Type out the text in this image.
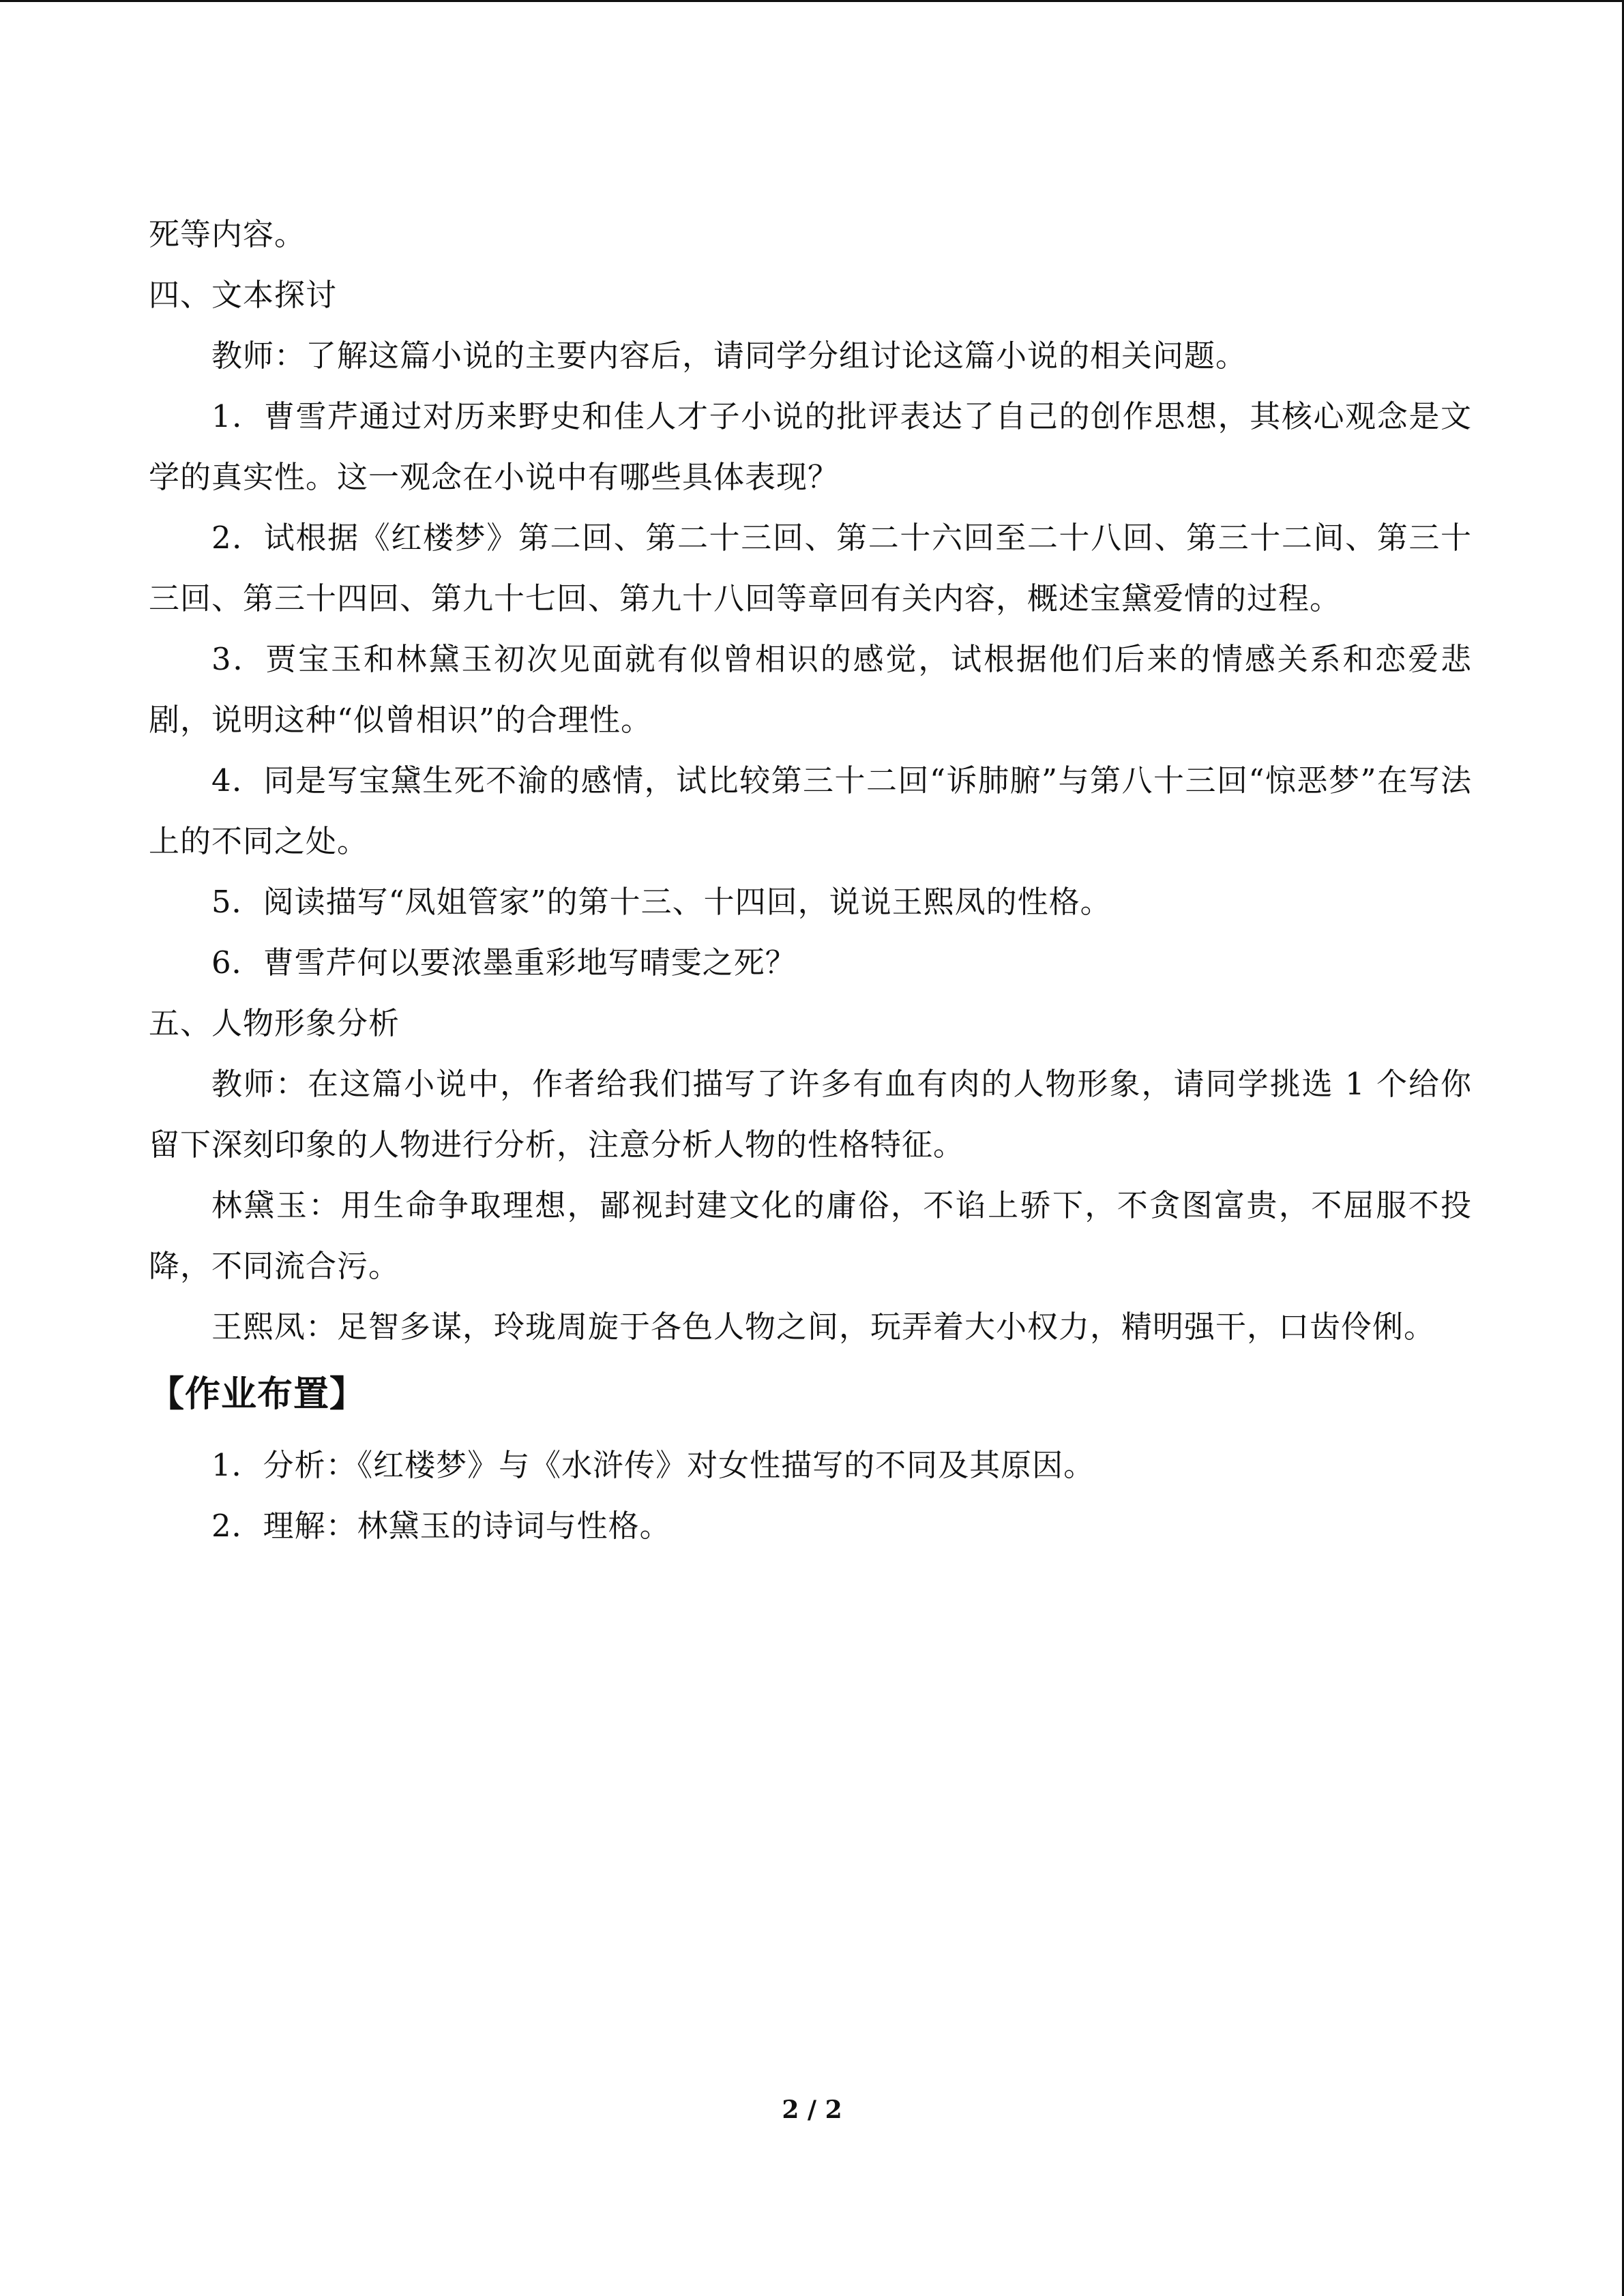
死等内容。

四、文本探讨

教师：了解这篇小说的主要内容后，请同学分组讨论这篇小说的相关问题。

1．曹雪芹通过对历来野史和佳人才子小说的批评表达了自己的创作思想，其核心观念是文学的真实性。这一观念在小说中有哪些具体表现？

2．试根据《红楼梦》第二回、第二十三回、第二十六回至二十八回、第三十二间、第三十三回、第三十四回、第九十七回、第九十八回等章回有关内容，概述宝黛爱情的过程。

3．贾宝玉和林黛玉初次见面就有似曾相识的感觉，试根据他们后来的情感关系和恋爱悲剧，说明这种“似曾相识”的合理性。

4．同是写宝黛生死不渝的感情，试比较第三十二回“诉肺腑”与第八十三回“惊恶梦”在写法上的不同之处。

5．阅读描写“凤姐管家”的第十三、十四回，说说王熙凤的性格。

6．曹雪芹何以要浓墨重彩地写晴雯之死？

五、人物形象分析

教师：在这篇小说中，作者给我们描写了许多有血有肉的人物形象，请同学挑选 1 个给你留下深刻印象的人物进行分析，注意分析人物的性格特征。

林黛玉：用生命争取理想，鄙视封建文化的庸俗，不谄上骄下，不贪图富贵，不屈服不投降，不同流合污。

王熙凤：足智多谋，玲珑周旋于各色人物之间，玩弄着大小权力，精明强干，口齿伶俐。

【作业布置】

1．分析：《红楼梦》与《水浒传》对女性描写的不同及其原因。

2．理解：林黛玉的诗词与性格。

2 / 2
